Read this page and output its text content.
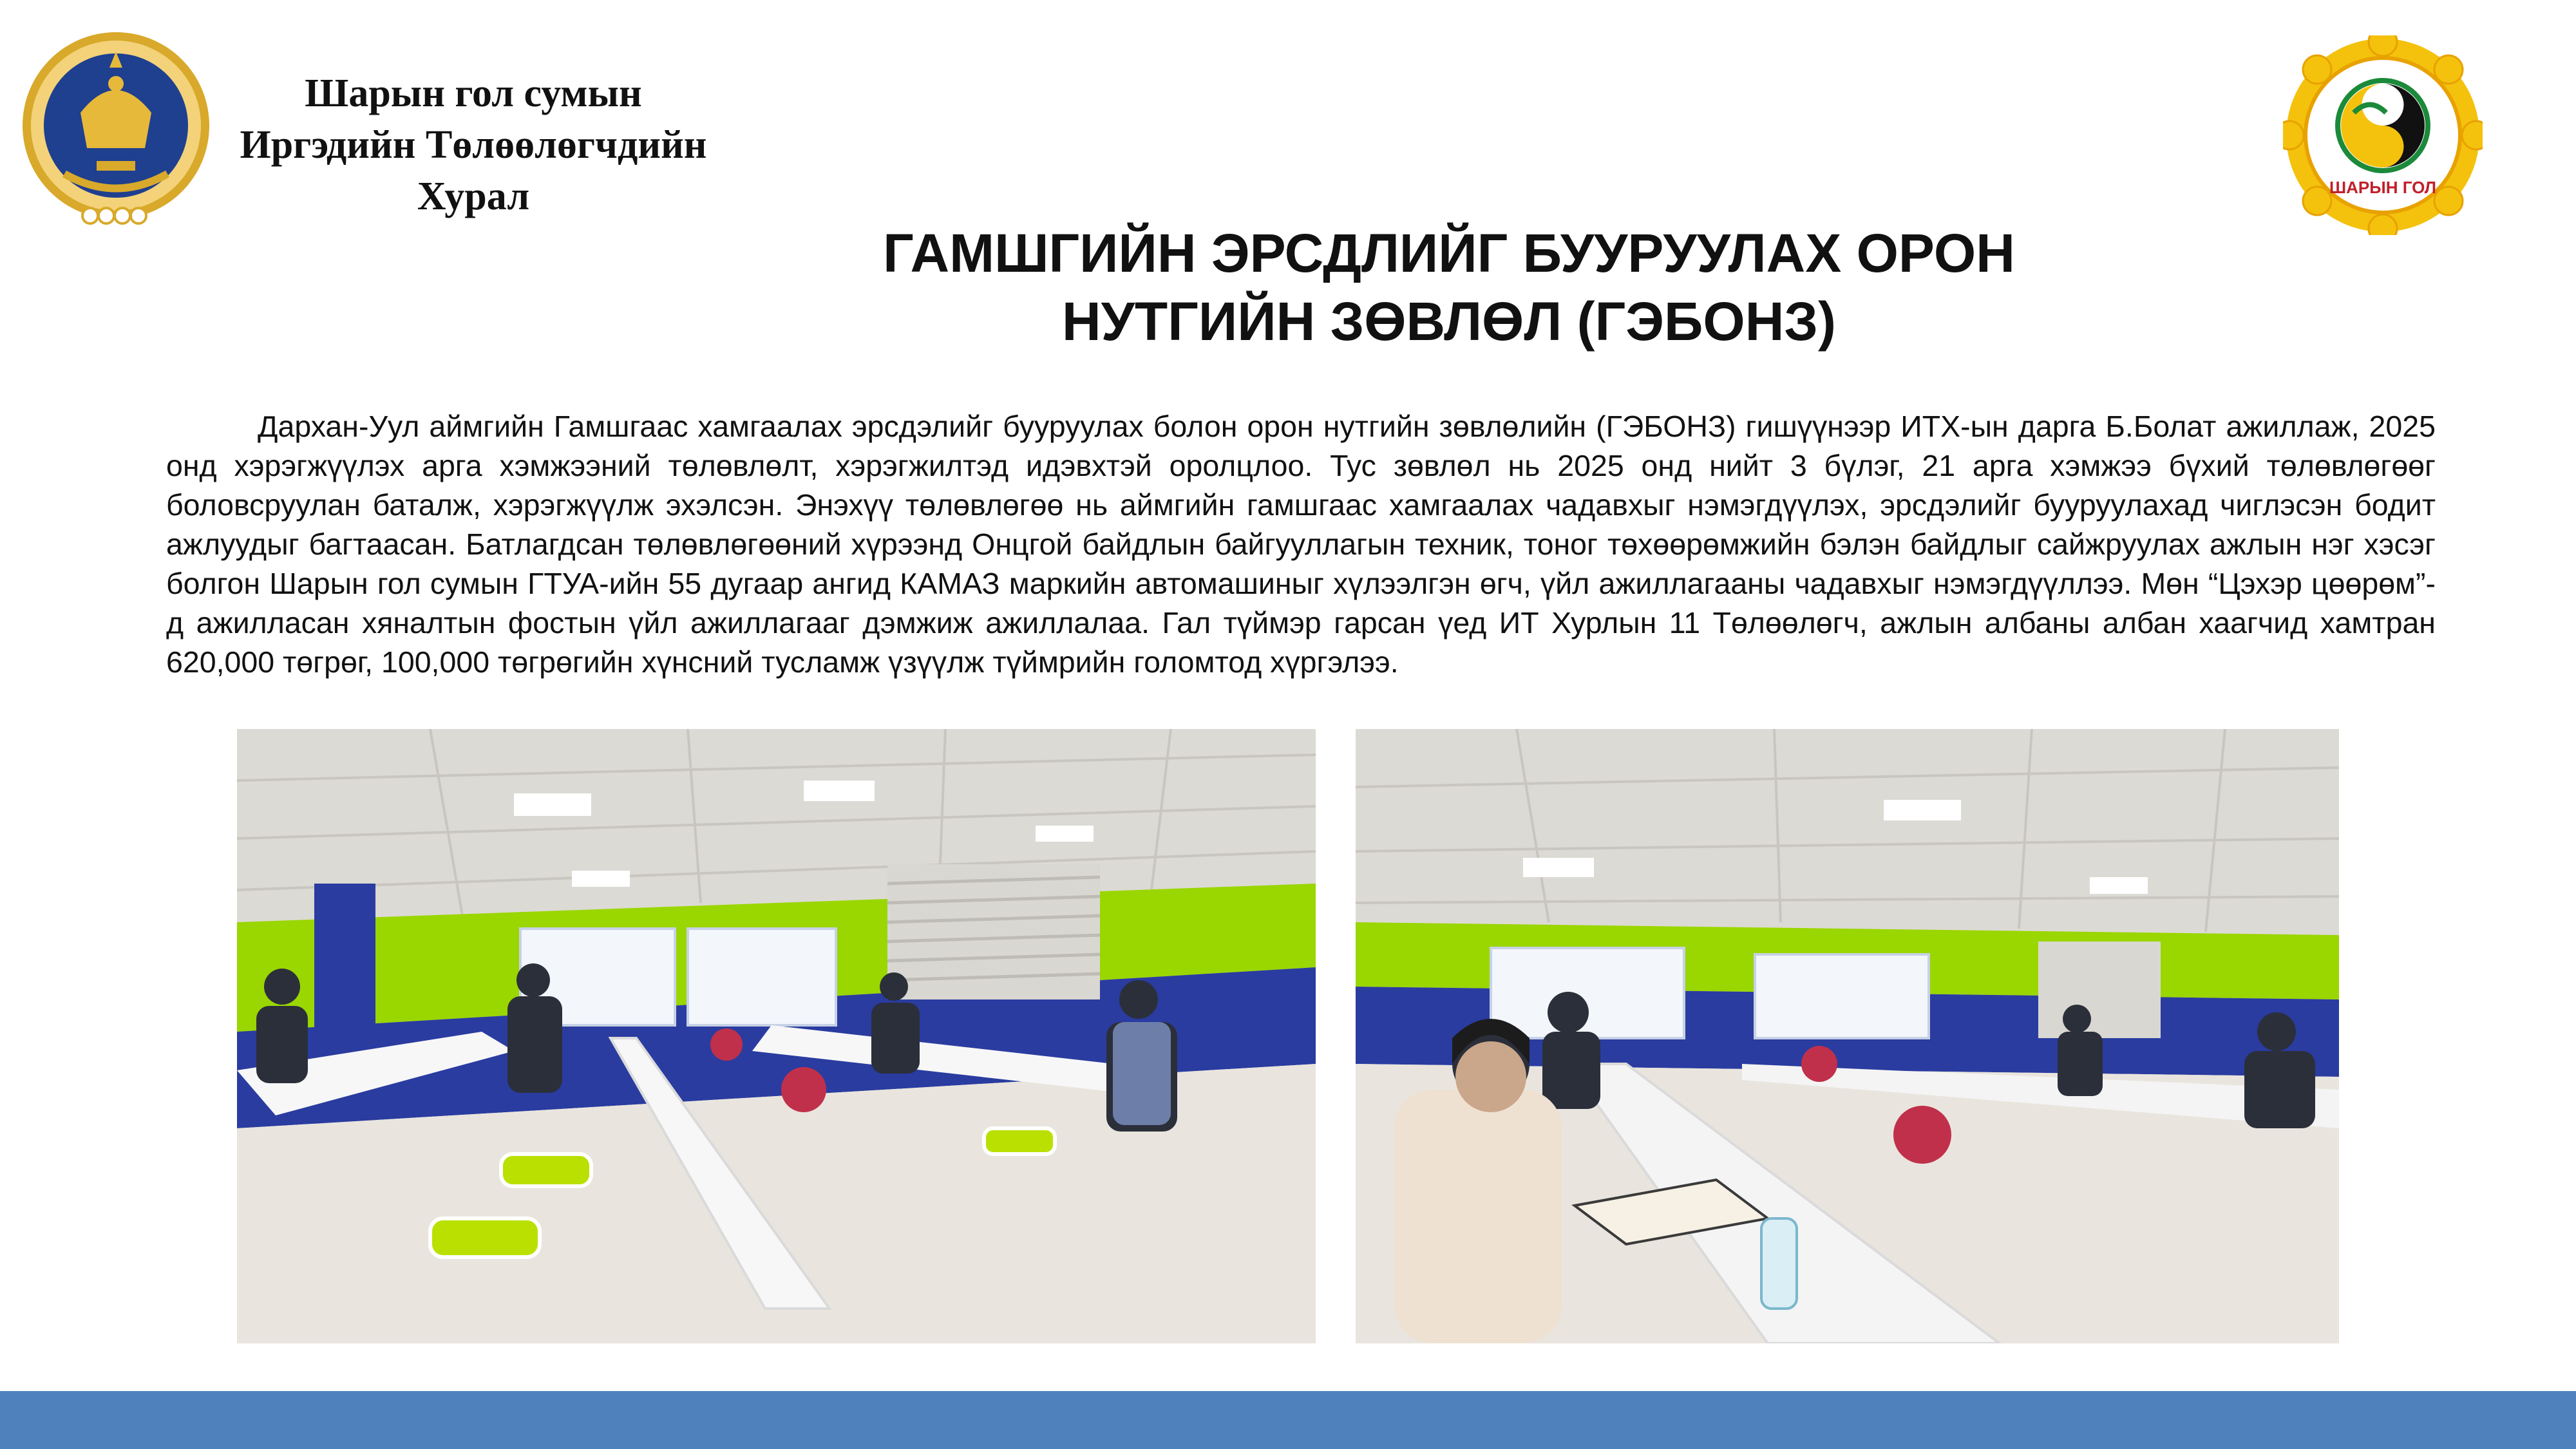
Шарын гол сумын
Иргэдийн Төлөөлөгчдийн
Хурал	ШАРЫН ГОЛ
ГАМШГИЙН ЭРСДЛИЙГ БУУРУУЛАХ ОРОН
НУТГИЙН ЗӨВЛӨЛ (ГЭБОНЗ)

Дархан-Уул аймгийн Гамшгаас хамгаалах эрсдэлийг бууруулах болон орон нутгийн зөвлөлийн (ГЭБОНЗ) гишүүнээр ИТХ-ын дарга Б.Болат ажиллаж, 2025 онд хэрэгжүүлэх арга хэмжээний төлөвлөлт, хэрэгжилтэд идэвхтэй оролцлоо. Тус зөвлөл нь 2025 онд нийт 3 бүлэг, 21 арга хэмжээ бүхий төлөвлөгөөг боловсруулан баталж, хэрэгжүүлж эхэлсэн. Энэхүү төлөвлөгөө нь аймгийн гамшгаас хамгаалах чадавхыг нэмэгдүүлэх, эрсдэлийг бууруулахад чиглэсэн бодит ажлуудыг багтаасан. Батлагдсан төлөвлөгөөний хүрээнд Онцгой байдлын байгууллагын техник, тоног төхөөрөмжийн бэлэн байдлыг сайжруулах ажлын нэг хэсэг болгон Шарын гол сумын ГТУА-ийн 55 дугаар ангид КАМАЗ маркийн автомашиныг хүлээлгэн өгч, үйл ажиллагааны чадавхыг нэмэгдүүллээ. Мөн “Цэхэр цөөрөм”-д ажилласан хяналтын фостын үйл ажиллагааг дэмжиж ажиллалаа. Гал түймэр гарсан үед ИТ Хурлын 11 Төлөөлөгч, ажлын албаны албан хаагчид хамтран 620,000 төгрөг, 100,000 төгрөгийн хүнсний тусламж үзүүлж түймрийн голомтод хүргэлээ.
